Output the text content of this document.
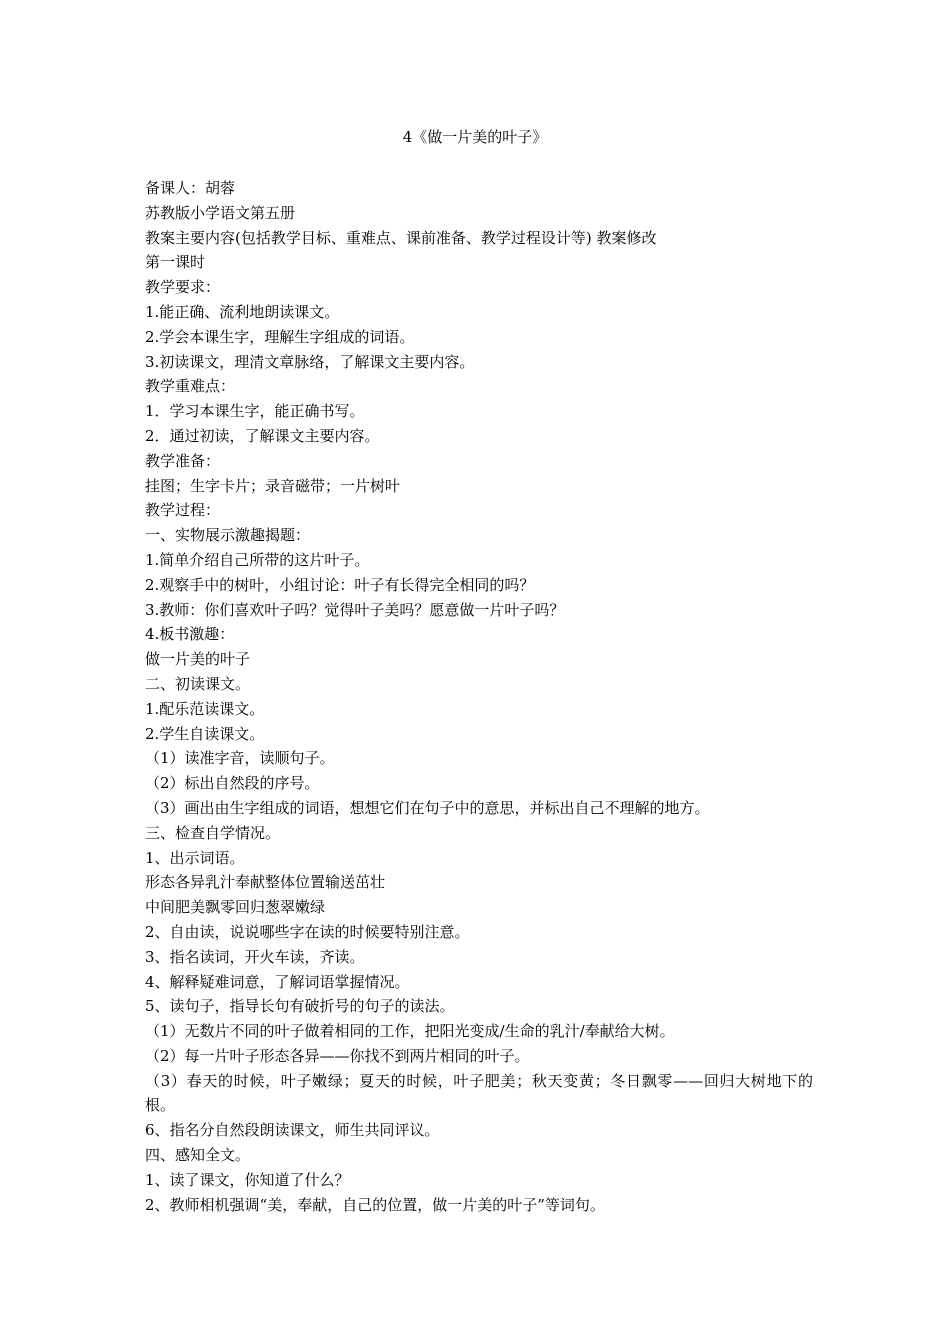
4《做一片美的叶子》

备课人：胡蓉

苏教版小学语文第五册

教案主要内容(包括教学目标、重难点、课前准备、教学过程设计等) 教案修改

第一课时

教学要求：

1.能正确、流利地朗读课文。

2.学会本课生字，理解生字组成的词语。

3.初读课文，理清文章脉络，了解课文主要内容。

教学重难点：

1．学习本课生字，能正确书写。

2．通过初读，了解课文主要内容。

教学准备：

挂图；生字卡片；录音磁带；一片树叶

教学过程：

一、实物展示激趣揭题：

1.简单介绍自己所带的这片叶子。

2.观察手中的树叶，小组讨论：叶子有长得完全相同的吗？

3.教师：你们喜欢叶子吗？觉得叶子美吗？愿意做一片叶子吗？

4.板书激趣：

做一片美的叶子

二、初读课文。

1.配乐范读课文。

2.学生自读课文。

（1）读准字音，读顺句子。

（2）标出自然段的序号。

（3）画出由生字组成的词语，想想它们在句子中的意思，并标出自己不理解的地方。

三、检查自学情况。

1、出示词语。

形态各异乳汁奉献整体位置输送茁壮

中间肥美飘零回归葱翠嫩绿

2、自由读，说说哪些字在读的时候要特别注意。

3、指名读词，开火车读，齐读。

4、解释疑难词意，了解词语掌握情况。

5、读句子，指导长句有破折号的句子的读法。

（1）无数片不同的叶子做着相同的工作，把阳光变成/生命的乳汁/奉献给大树。

（2）每一片叶子形态各异——你找不到两片相同的叶子。

（3）春天的时候，叶子嫩绿；夏天的时候，叶子肥美；秋天变黄；冬日飘零——回归大树地下的根。

6、指名分自然段朗读课文，师生共同评议。

四、感知全文。

1、读了课文，你知道了什么？

2、教师相机强调“美，奉献，自己的位置，做一片美的叶子”等词句。
